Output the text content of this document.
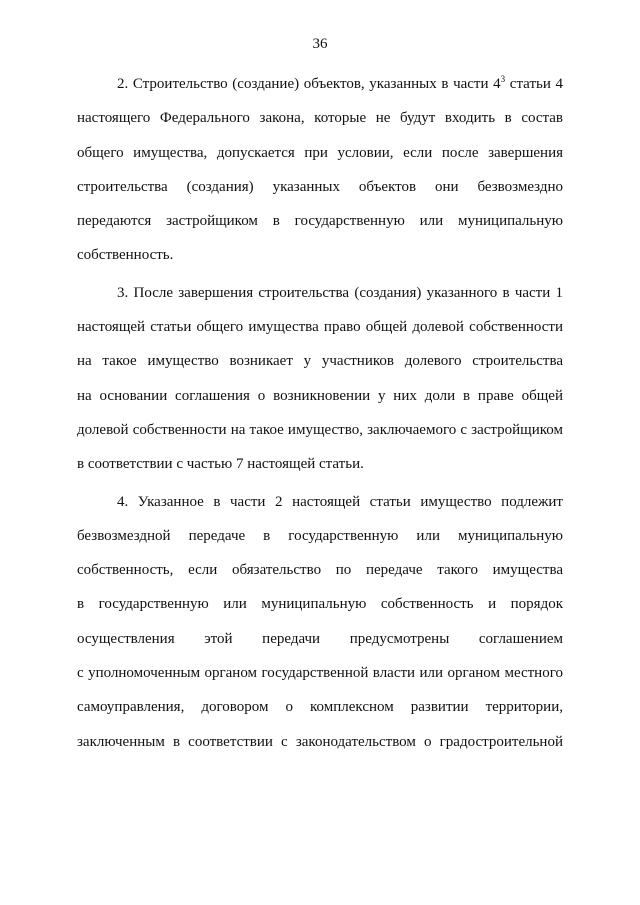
36
2. Строительство (создание) объектов, указанных в части $4^3$ статьи 4
настоящего Федерального закона, которые не будут входить в состав
общего имущества, допускается при условии, если после завершения
строительства (создания) указанных объектов они безвозмездно
передаются застройщиком в государственную или муниципальную
собственность.
3. После завершения строительства (создания) указанного в части 1
настоящей статьи общего имущества право общей долевой собственности
на такое имущество возникает у участников долевого строительства
на основании соглашения о возникновении у них доли в праве общей
долевой собственности на такое имущество, заключаемого с застройщиком
в соответствии с частью 7 настоящей статьи.
4. Указанное в части 2 настоящей статьи имущество подлежит
безвозмездной передаче в государственную или муниципальную
собственность, если обязательство по передаче такого имущества
в государственную или муниципальную собственность и порядок
осуществления этой передачи предусмотрены соглашением
с уполномоченным органом государственной власти или органом местного
самоуправления, договором о комплексном развитии территории,
заключенным в соответствии с законодательством о градостроительной
